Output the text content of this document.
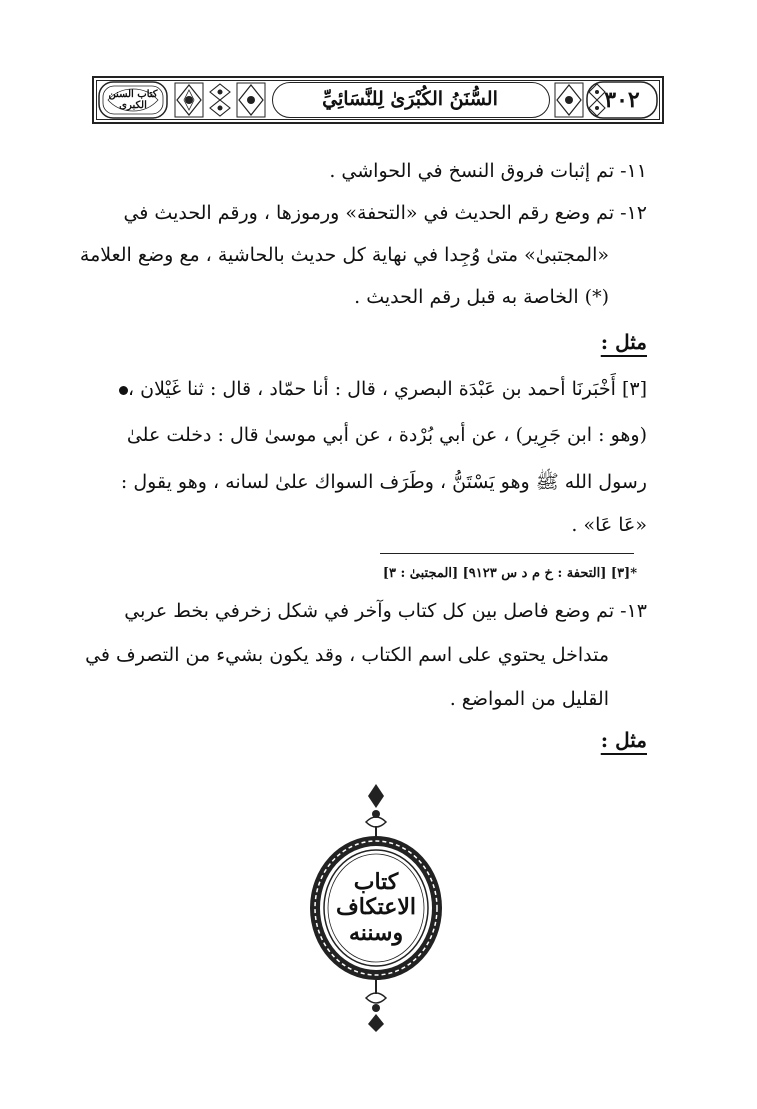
كتاب السنن الكبرى	السُّنَنُ الكُبْرَىٰ لِلنَّسَائِيِّ	٣٠٢
١١- تم إثبات فروق النسخ في الحواشي .
١٢- تم وضع رقم الحديث في «التحفة» ورموزها ، ورقم الحديث في
«المجتبىٰ» متىٰ وُجِدا في نهاية كل حديث بالحاشية ، مع وضع العلامة
(*) الخاصة به قبل رقم الحديث .
مثل :
[٣] أَخْبَرنَا أحمد بن عَبْدَة البصري ، قال : أنا حمّاد ، قال : ثنا غَيْلان ،
(وهو : ابن جَرِير) ، عن أبي بُرْدة ، عن أبي موسىٰ قال : دخلت علىٰ
رسول الله ﷺ وهو يَسْتَنُّ ، وطَرَف السواك علىٰ لسانه ، وهو يقول :
«عَا عَا» .
*[٣] [التحفة : خ م د س ٩١٢٣] [المجتبىٰ : ٣]
١٣- تم وضع فاصل بين كل كتاب وآخر في شكل زخرفي بخط عربي
متداخل يحتوي على اسم الكتاب ، وقد يكون بشيء من التصرف في
القليل من المواضع .
مثل :
كتاب
الاعتكاف
وسننه
